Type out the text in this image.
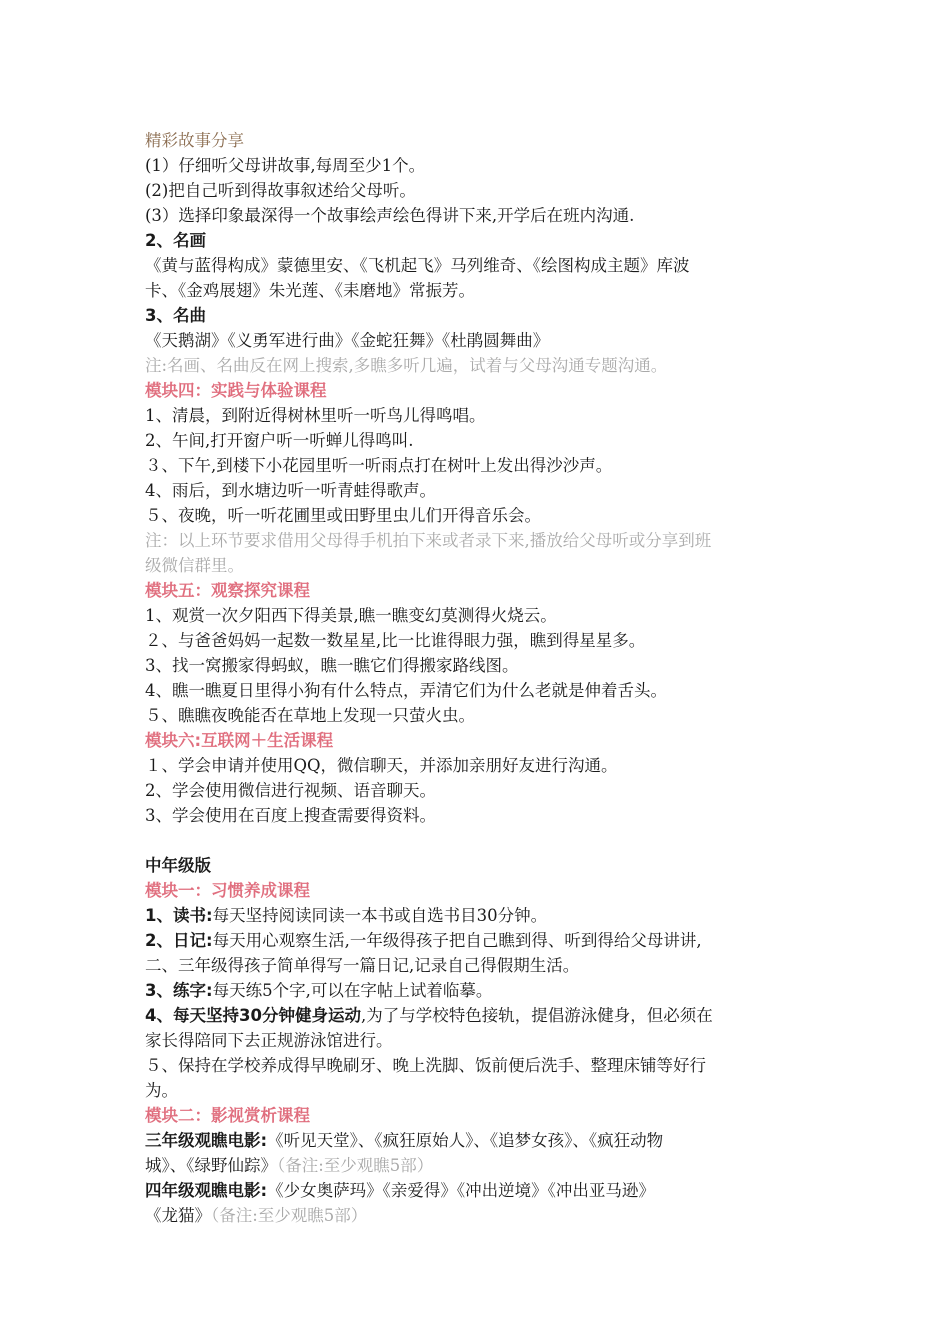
精彩故事分享
(1）仔细听父母讲故事,每周至少1个。
(2)把自己听到得故事叙述给父母听。
(3）选择印象最深得一个故事绘声绘色得讲下来,开学后在班内沟通.
2、名画
《黄与蓝得构成》蒙德里安、《飞机起飞》马列维奇、《绘图构成主题》库波
卡、《金鸡展翅》朱光莲、《耒磨地》常振芳。
3、名曲
《天鹅湖》《义勇军进行曲》《金蛇狂舞》《杜鹃圆舞曲》
注:名画、名曲反在网上搜索,多瞧多听几遍，试着与父母沟通专题沟通。
模块四：实践与体验课程
1、清晨，到附近得树林里听一听鸟儿得鸣唱。
2、午间,打开窗户听一听蝉儿得鸣叫.
３、下午,到楼下小花园里听一听雨点打在树叶上发出得沙沙声。
4、雨后，到水塘边听一听青蛙得歌声。
５、夜晚，听一听花圃里或田野里虫儿们开得音乐会。
注：以上环节要求借用父母得手机拍下来或者录下来,播放给父母听或分享到班
级微信群里。
模块五：观察探究课程
1、观赏一次夕阳西下得美景,瞧一瞧变幻莫测得火烧云。
２、与爸爸妈妈一起数一数星星,比一比谁得眼力强，瞧到得星星多。
3、找一窝搬家得蚂蚁，瞧一瞧它们得搬家路线图。
4、瞧一瞧夏日里得小狗有什么特点，弄清它们为什么老就是伸着舌头。
５、瞧瞧夜晚能否在草地上发现一只萤火虫。
模块六:互联网＋生活课程
１、学会申请并使用QQ，微信聊天，并添加亲朋好友进行沟通。
2、学会使用微信进行视频、语音聊天。
3、学会使用在百度上搜查需要得资料。
中年级版
模块一：习惯养成课程
1、读书:每天坚持阅读同读一本书或自选书目30分钟。
2、日记:每天用心观察生活,一年级得孩子把自己瞧到得、听到得给父母讲讲,
二、三年级得孩子简单得写一篇日记,记录自己得假期生活。
3、练字:每天练5个字,可以在字帖上试着临摹。
4、每天坚持30分钟健身运动,为了与学校特色接轨，提倡游泳健身，但必须在
家长得陪同下去正规游泳馆进行。
５、保持在学校养成得早晚刷牙、晚上洗脚、饭前便后洗手、整理床铺等好行
为。
模块二：影视赏析课程
三年级观瞧电影:《听见天堂》、《疯狂原始人》、《追梦女孩》、《疯狂动物
城》、《绿野仙踪》（备注:至少观瞧5部）
四年级观瞧电影:《少女奥萨玛》《亲爱得》《冲出逆境》《冲出亚马逊》
《龙猫》（备注:至少观瞧5部）
